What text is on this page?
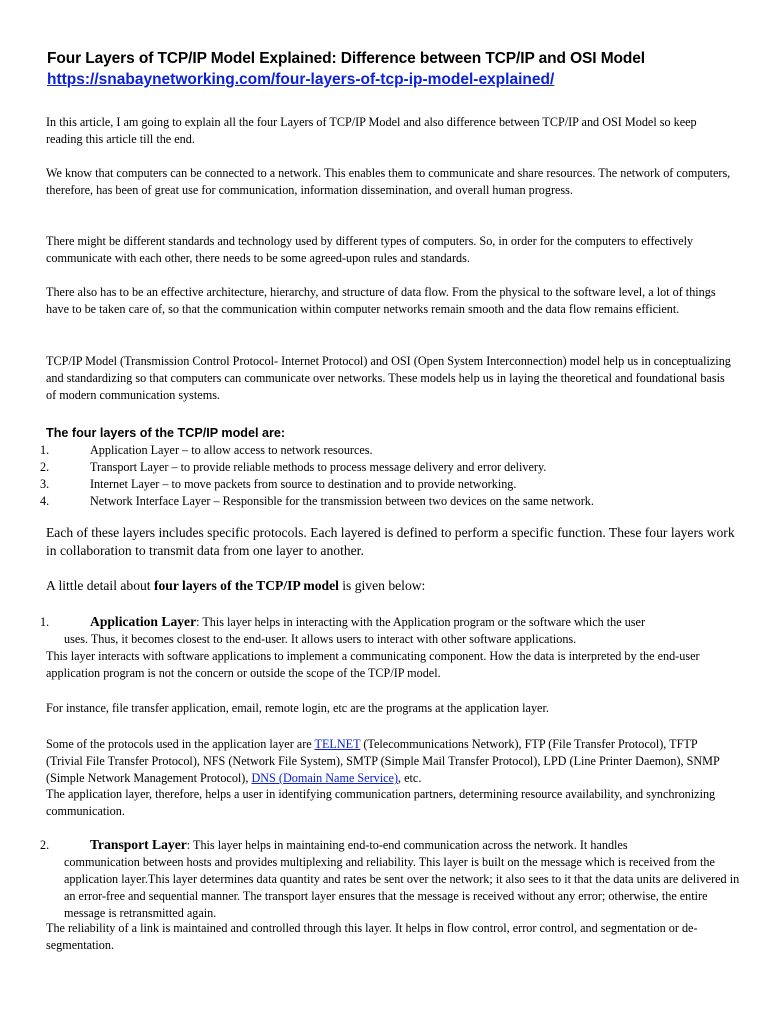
Four Layers of TCP/IP Model Explained: Difference between TCP/IP and OSI Model
https://snabaynetworking.com/four-layers-of-tcp-ip-model-explained/

In this article, I am going to explain all the four Layers of TCP/IP Model and also difference between TCP/IP and OSI Model so keep reading this article till the end.

We know that computers can be connected to a network. This enables them to communicate and share resources. The network of computers, therefore, has been of great use for communication, information dissemination, and overall human progress.

There might be different standards and technology used by different types of computers. So, in order for the computers to effectively communicate with each other, there needs to be some agreed-upon rules and standards.

There also has to be an effective architecture, hierarchy, and structure of data flow. From the physical to the software level, a lot of things have to be taken care of, so that the communication within computer networks remain smooth and the data flow remains efficient.

TCP/IP Model (Transmission Control Protocol- Internet Protocol) and OSI (Open System Interconnection) model help us in conceptualizing and standardizing so that computers can communicate over networks. These models help us in laying the theoretical and foundational basis of modern communication systems.

The four layers of the TCP/IP model are:

1.	Application Layer – to allow access to network resources.
2.	Transport Layer – to provide reliable methods to process message delivery and error delivery.
3.	Internet Layer – to move packets from source to destination and to provide networking.
4.	Network Interface Layer – Responsible for the transmission between two devices on the same network.

Each of these layers includes specific protocols. Each layered is defined to perform a specific function. These four layers work in collaboration to transmit data from one layer to another.

A little detail about four layers of the TCP/IP model is given below:

1.	Application Layer: This layer helps in interacting with the Application program or the software which the user
uses. Thus, it becomes closest to the end-user. It allows users to interact with other software applications.

This layer interacts with software applications to implement a communicating component. How the data is interpreted by the end-user application program is not the concern or outside the scope of the TCP/IP model.

For instance, file transfer application, email, remote login, etc are the programs at the application layer.

Some of the protocols used in the application layer are TELNET (Telecommunications Network), FTP (File Transfer Protocol), TFTP (Trivial File Transfer Protocol), NFS (Network File System), SMTP (Simple Mail Transfer Protocol), LPD (Line Printer Daemon), SNMP (Simple Network Management Protocol), DNS (Domain Name Service), etc.

The application layer, therefore, helps a user in identifying communication partners, determining resource availability, and synchronizing communication.

2.	Transport Layer: This layer helps in maintaining end-to-end communication across the network. It handles
communication between hosts and provides multiplexing and reliability. This layer is built on the message which is received from the application layer.This layer determines data quantity and rates be sent over the network; it also sees to it that the data units are delivered in an error-free and sequential manner. The transport layer ensures that the message is received without any error; otherwise, the entire message is retransmitted again.

The reliability of a link is maintained and controlled through this layer. It helps in flow control, error control, and segmentation or de-segmentation.
